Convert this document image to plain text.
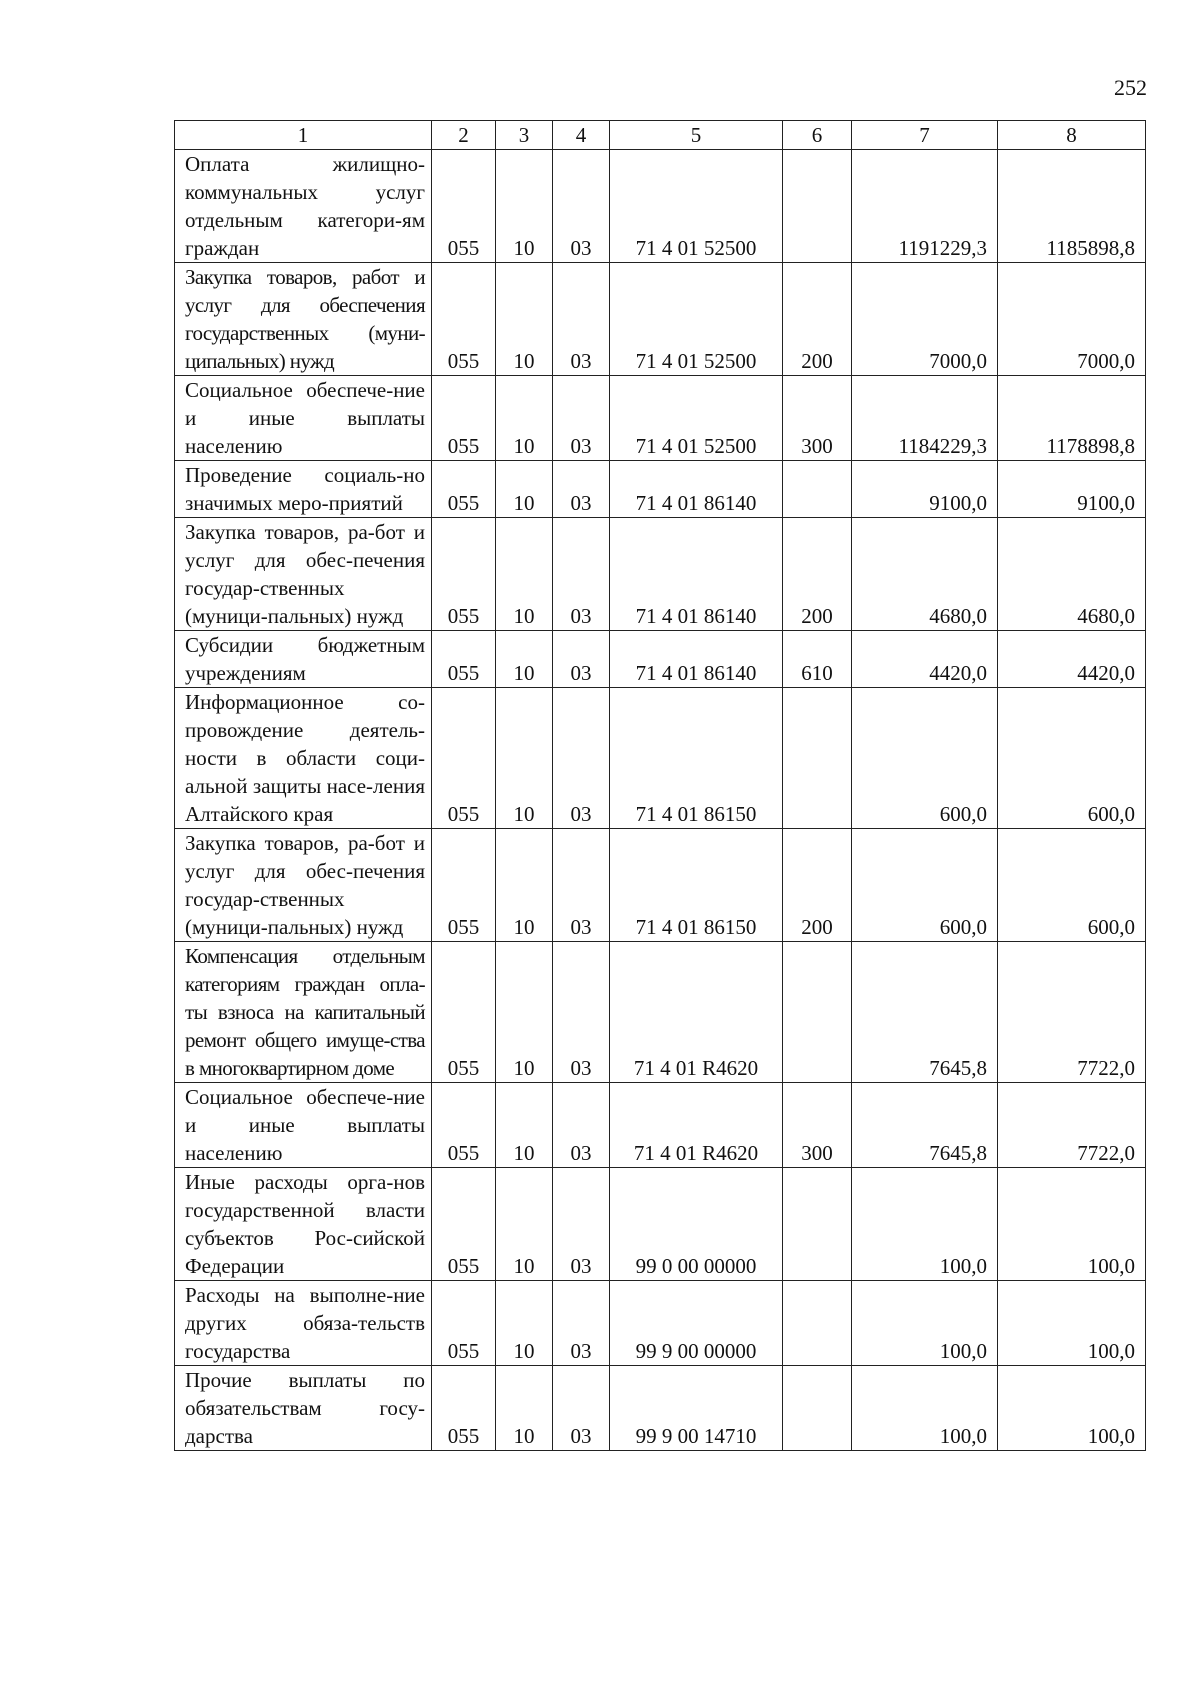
252
1	2	3	4	5	6	7	8
Оплата жилищно-коммунальных услуг отдельным категори-ям граждан	055	10	03	71 4 01 52500		1191229,3	1185898,8
Закупка товаров, работ и услуг для обеспечения государственных (муни-ципальных) нужд	055	10	03	71 4 01 52500	200	7000,0	7000,0
Социальное обеспече-ние и иные выплаты населению	055	10	03	71 4 01 52500	300	1184229,3	1178898,8
Проведение социаль-но значимых меро-приятий	055	10	03	71 4 01 86140		9100,0	9100,0
Закупка товаров, ра-бот и услуг для обес-печения государ-ственных (муници-пальных) нужд	055	10	03	71 4 01 86140	200	4680,0	4680,0
Субсидии бюджетным учреждениям	055	10	03	71 4 01 86140	610	4420,0	4420,0
Информационное со-провождение деятель-ности в области соци-альной защиты насе-ления Алтайского края	055	10	03	71 4 01 86150		600,0	600,0
Закупка товаров, ра-бот и услуг для обес-печения государ-ственных (муници-пальных) нужд	055	10	03	71 4 01 86150	200	600,0	600,0
Компенсация отдельным категориям граждан опла-ты взноса на капитальный ремонт общего имуще-ства в многоквартирном доме	055	10	03	71 4 01 R4620		7645,8	7722,0
Социальное обеспече-ние и иные выплаты населению	055	10	03	71 4 01 R4620	300	7645,8	7722,0
Иные расходы орга-нов государственной власти субъектов Рос-сийской Федерации	055	10	03	99 0 00 00000		100,0	100,0
Расходы на выполне-ние других обяза-тельств государства	055	10	03	99 9 00 00000		100,0	100,0
Прочие выплаты по обязательствам госу-дарства	055	10	03	99 9 00 14710		100,0	100,0
